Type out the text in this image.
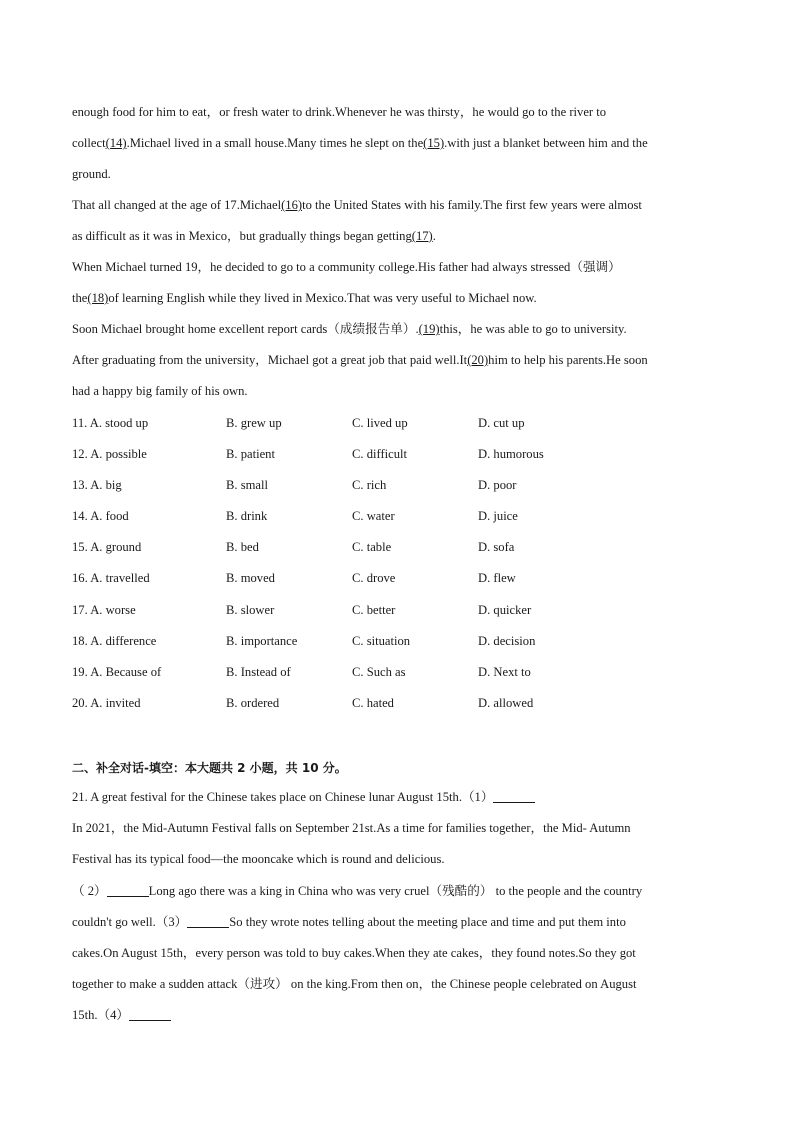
enough food for him to eat，or fresh water to drink.Whenever he was thirsty，he would go to the river to
collect(14).Michael lived in a small house.Many times he slept on the(15).with just a blanket between him and the
ground.
That all changed at the age of 17.Michael(16)to the United States with his family.The first few years were almost
as difficult as it was in Mexico，but gradually things began getting(17).
When Michael turned 19，he decided to go to a community college.His father had always stressed（强调）
the(18)of learning English while they lived in Mexico.That was very useful to Michael now.
Soon Michael brought home excellent report cards（成绩报告单）.(19)this，he was able to go to university.
After graduating from the university，Michael got a great job that paid well.It(20)him to help his parents.He soon
had a happy big family of his own.
11. A. stood up	B. grew up	C. lived up	D. cut up
12. A. possible	B. patient	C. difficult	D. humorous
13. A. big	B. small	C. rich	D. poor
14. A. food	B. drink	C. water	D. juice
15. A. ground	B. bed	C. table	D. sofa
16. A. travelled	B. moved	C. drove	D. flew
17. A. worse	B. slower	C. better	D. quicker
18. A. difference	B. importance	C. situation	D. decision
19. A. Because of	B. Instead of	C. Such as	D. Next to
20. A. invited	B. ordered	C. hated	D. allowed
二、补全对话-填空：本大题共 2 小题，共 10 分。
21. A great festival for the Chinese takes place on Chinese lunar August 15th.（1）
In 2021，the Mid-Autumn Festival falls on September 21st.As a time for families together，the Mid- Autumn
Festival has its typical food—the mooncake which is round and delicious.
（ 2）	Long ago there was a king in China who was very cruel（残酷的） to the people and the country
couldn't go well.（3）	So they wrote notes telling about the meeting place and time and put them into
cakes.On August 15th，every person was told to buy cakes.When they ate cakes，they found notes.So they got
together to make a sudden attack（进攻） on the king.From then on，the Chinese people celebrated on August
15th.（4）
